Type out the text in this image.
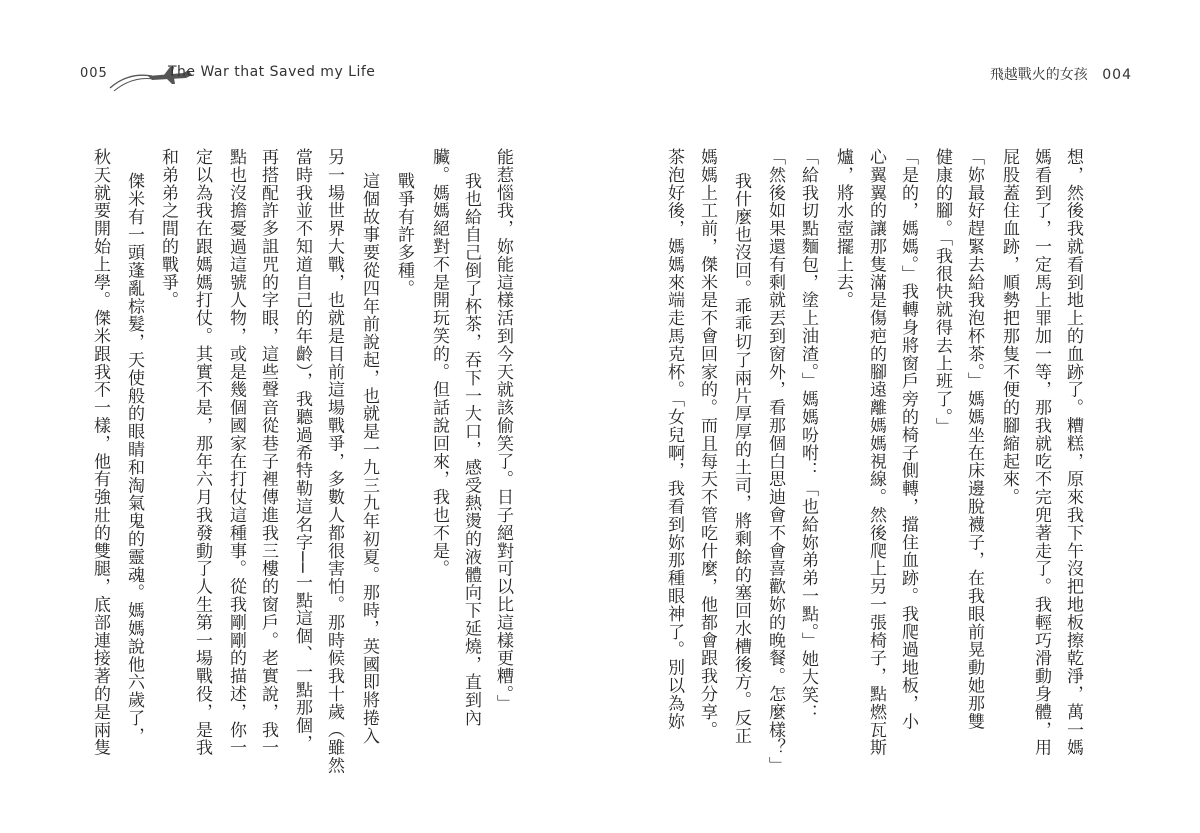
005	The War that Saved my Life
能惹惱我，妳能這樣活到今天就該偷笑了。日子絕對可以比這樣更糟。」
我也給自己倒了杯茶，吞下一大口，感受熱燙的液體向下延燒，直到內
臟。媽媽絕對不是開玩笑的。但話說回來，我也不是。
戰爭有許多種。
這個故事要從四年前說起，也就是一九三九年初夏。那時，英國即將捲入
另一場世界大戰，也就是目前這場戰爭，多數人都很害怕。那時候我十歲（雖然
當時我並不知道自己的年齡），我聽過希特勒這名字──一點這個、一點那個，
再搭配許多詛咒的字眼，這些聲音從巷子裡傳進我三樓的窗戶。老實說，我一
點也沒擔憂過這號人物，或是幾個國家在打仗這種事。從我剛剛的描述，你一
定以為我在跟媽媽打仗。其實不是，那年六月我發動了人生第一場戰役，是我
和弟弟之間的戰爭。
傑米有一頭蓬亂棕髮，天使般的眼睛和淘氣鬼的靈魂。媽媽說他六歲了，
秋天就要開始上學。傑米跟我不一樣，他有強壯的雙腿，底部連接著的是兩隻
飛越戰火的女孩 004
想，然後我就看到地上的血跡了。糟糕，原來我下午沒把地板擦乾淨，萬一媽
媽看到了，一定馬上罪加一等，那我就吃不完兜著走了。我輕巧滑動身體，用
屁股蓋住血跡，順勢把那隻不便的腳縮起來。
「妳最好趕緊去給我泡杯茶。」媽媽坐在床邊脫襪子，在我眼前晃動她那雙
健康的腳。「我很快就得去上班了。」
「是的，媽媽。」我轉身將窗戶旁的椅子側轉，擋住血跡。我爬過地板，小
心翼翼的讓那隻滿是傷疤的腳遠離媽媽視線。然後爬上另一張椅子，點燃瓦斯
爐，將水壺擺上去。
「給我切點麵包，塗上油渣。」媽媽吩咐：「也給妳弟弟一點。」她大笑：
「然後如果還有剩就丟到窗外，看那個白思迪會不會喜歡妳的晚餐。怎麼樣？」
我什麼也沒回。乖乖切了兩片厚厚的土司，將剩餘的塞回水槽後方。反正
媽媽上工前，傑米是不會回家的。而且每天不管吃什麼，他都會跟我分享。
茶泡好後，媽媽來端走馬克杯。「女兒啊，我看到妳那種眼神了。別以為妳
